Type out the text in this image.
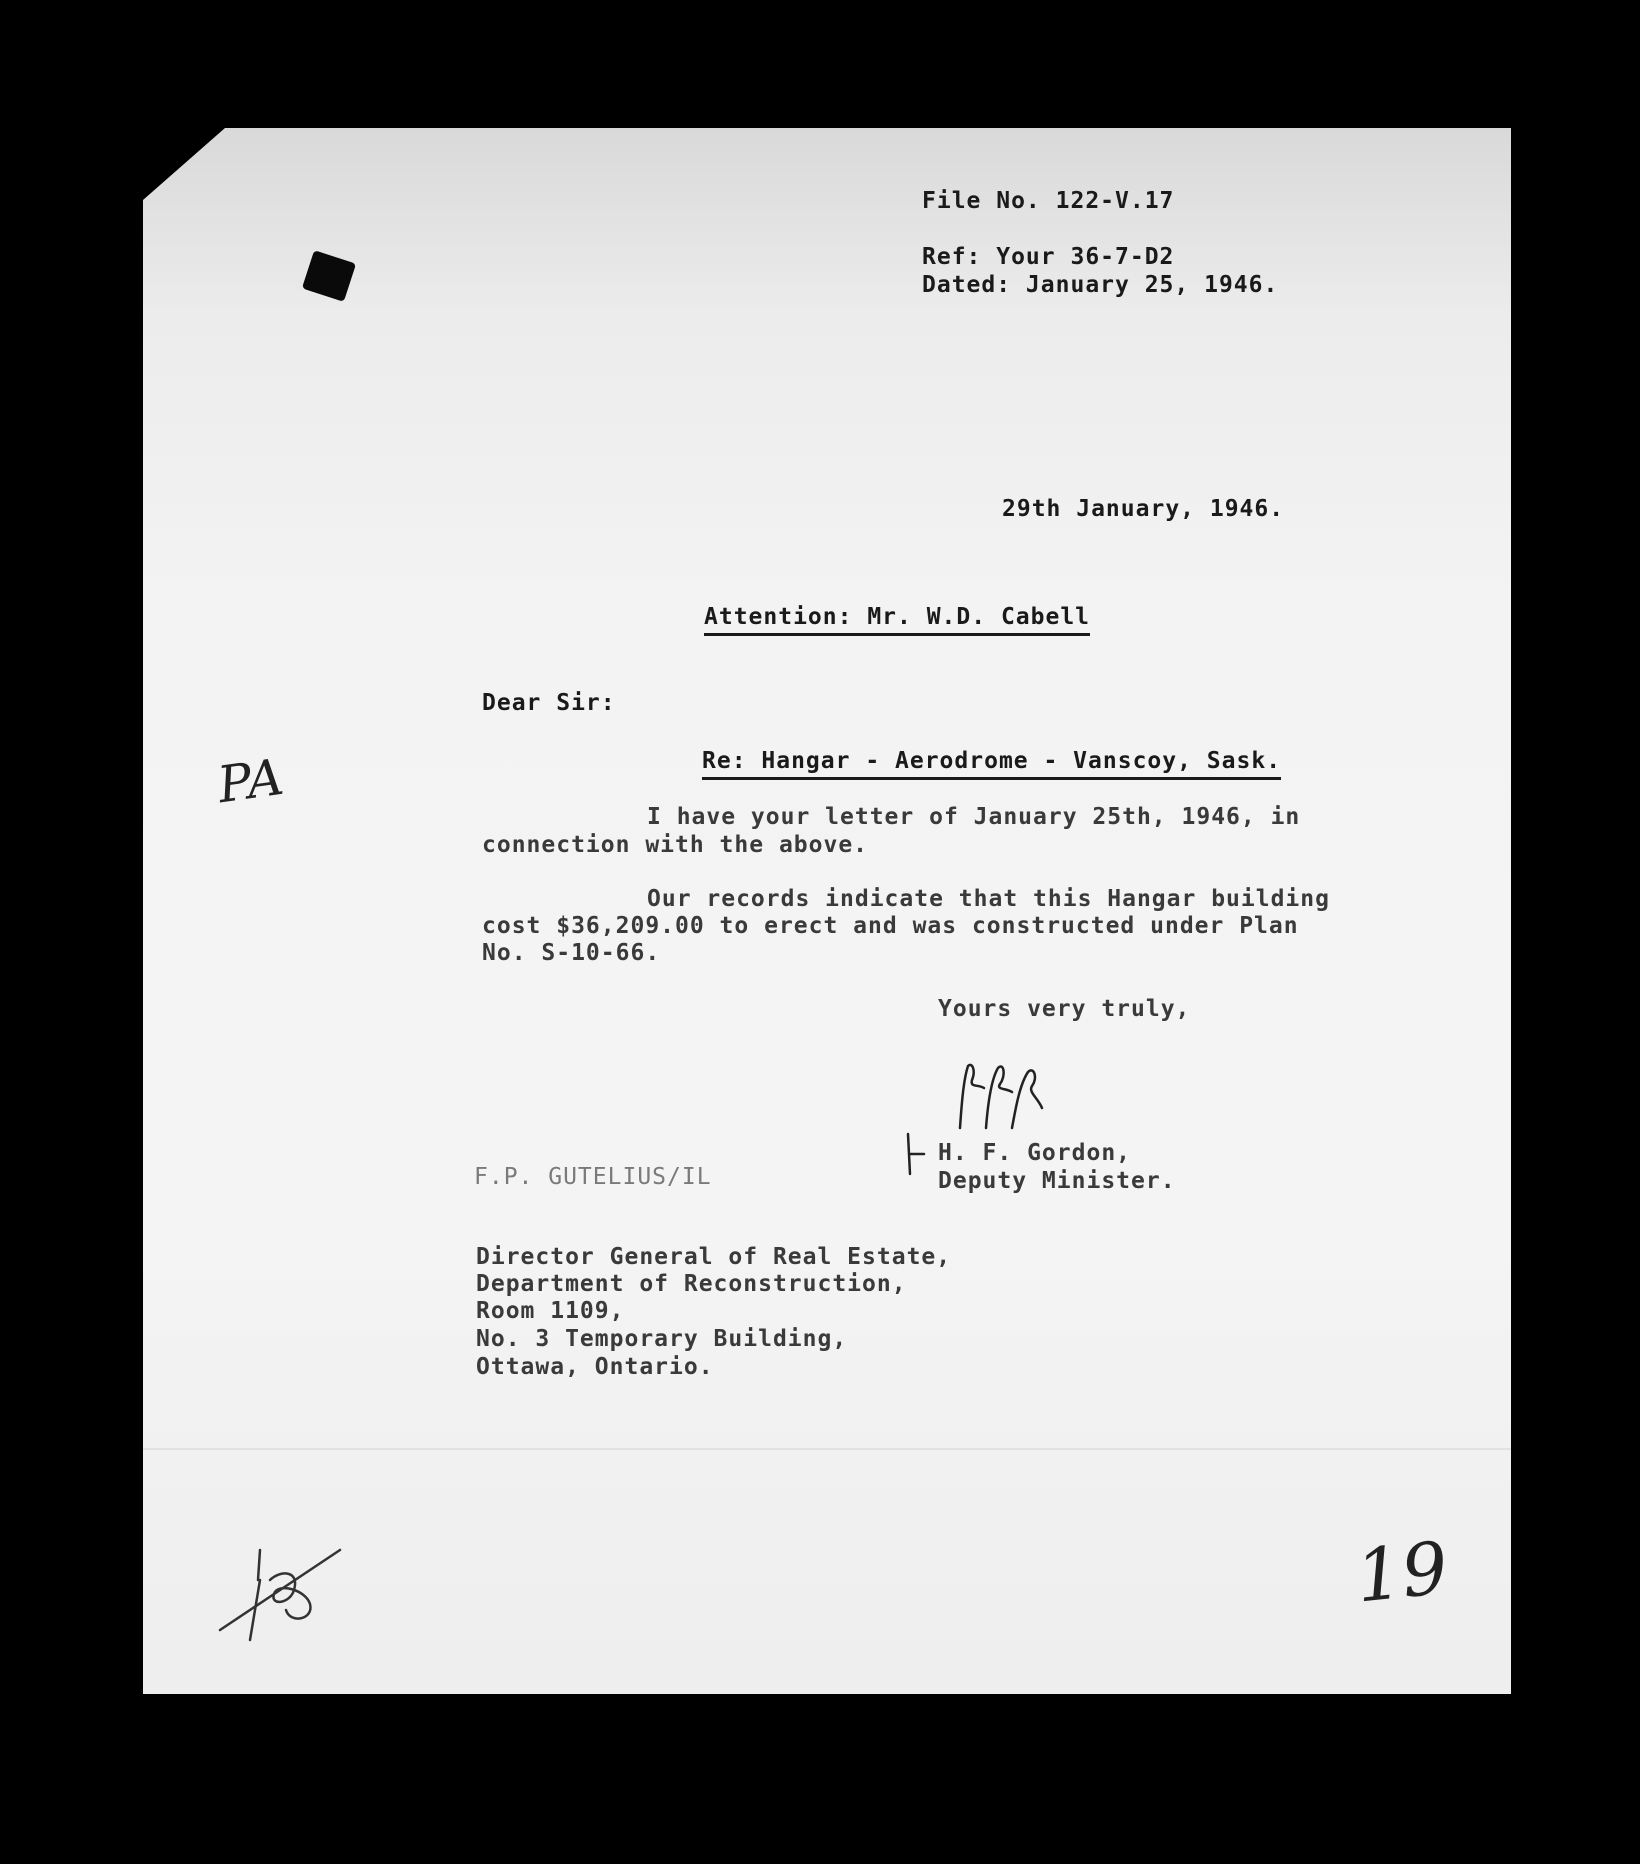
File No. 122-V.17
Ref: Your 36-7-D2
Dated: January 25, 1946.
29th January, 1946.
Attention: Mr. W.D. Cabell
Dear Sir:
Re: Hangar - Aerodrome - Vanscoy, Sask.
I have your letter of January 25th, 1946, in
connection with the above.
Our records indicate that this Hangar building
cost $36,209.00 to erect and was constructed under Plan
No. S-10-66.
Yours very truly,
H. F. Gordon,
Deputy Minister.
F.P. GUTELIUS/IL
Director General of Real Estate,
Department of Reconstruction,
Room 1109,
No. 3 Temporary Building,
Ottawa, Ontario.
PA
19
